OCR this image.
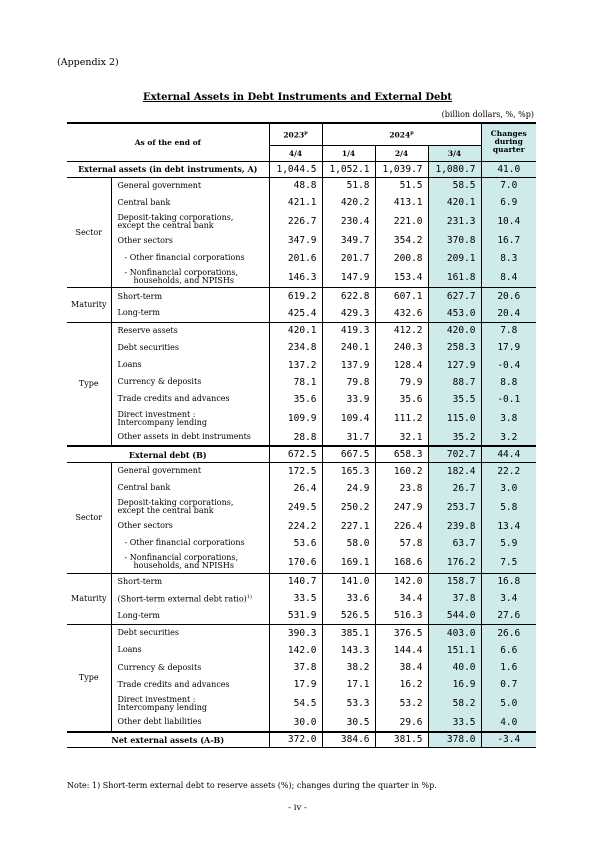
(Appendix 2)
External Assets in Debt Instruments and External Debt
(billion dollars, %, %p)
As of the end of		2023$^p$	2024$^p$			Changes during quarter
		4/4	1/4	2/4	3/4	
External assets (in debt instruments, A)		1,044.5	1,052.1	1,039.7	1,080.7	41.0
Sector	General government	48.8	51.8	51.5	58.5	7.0
	Central bank	421.1	420.2	413.1	420.1	6.9
	Deposit-taking corporations,
except the central bank	226.7	230.4	221.0	231.3	10.4
	Other sectors	347.9	349.7	354.2	370.8	16.7
	- Other financial corporations	201.6	201.7	200.8	209.1	8.3
	- Nonfinancial corporations,
households, and NPISHs	146.3	147.9	153.4	161.8	8.4
Maturity	Short-term	619.2	622.8	607.1	627.7	20.6
	Long-term	425.4	429.3	432.6	453.0	20.4
Type	Reserve assets	420.1	419.3	412.2	420.0	7.8
	Debt securities	234.8	240.1	240.3	258.3	17.9
	Loans	137.2	137.9	128.4	127.9	-0.4
	Currency & deposits	78.1	79.8	79.9	88.7	8.8
	Trade credits and advances	35.6	33.9	35.6	35.5	-0.1
	Direct investment :
Intercompany lending	109.9	109.4	111.2	115.0	3.8
	Other assets in debt instruments	28.8	31.7	32.1	35.2	3.2
External debt (B)		672.5	667.5	658.3	702.7	44.4
Sector	General government	172.5	165.3	160.2	182.4	22.2
	Central bank	26.4	24.9	23.8	26.7	3.0
	Deposit-taking corporations,
except the central bank	249.5	250.2	247.9	253.7	5.8
	Other sectors	224.2	227.1	226.4	239.8	13.4
	- Other financial corporations	53.6	58.0	57.8	63.7	5.9
	- Nonfinancial corporations,
households, and NPISHs	170.6	169.1	168.6	176.2	7.5
Maturity	Short-term	140.7	141.0	142.0	158.7	16.8
	(Short-term external debt ratio)$^{1)}$	33.5	33.6	34.4	37.8	3.4
	Long-term	531.9	526.5	516.3	544.0	27.6
Type	Debt securities	390.3	385.1	376.5	403.0	26.6
	Loans	142.0	143.3	144.4	151.1	6.6
	Currency & deposits	37.8	38.2	38.4	40.0	1.6
	Trade credits and advances	17.9	17.1	16.2	16.9	0.7
	Direct investment :
Intercompany lending	54.5	53.3	53.2	58.2	5.0
	Other debt liabilities	30.0	30.5	29.6	33.5	4.0
Net external assets (A-B)		372.0	384.6	381.5	378.0	-3.4
Note: 1) Short-term external debt to reserve assets (%); changes during the quarter in %p.
- iv -
